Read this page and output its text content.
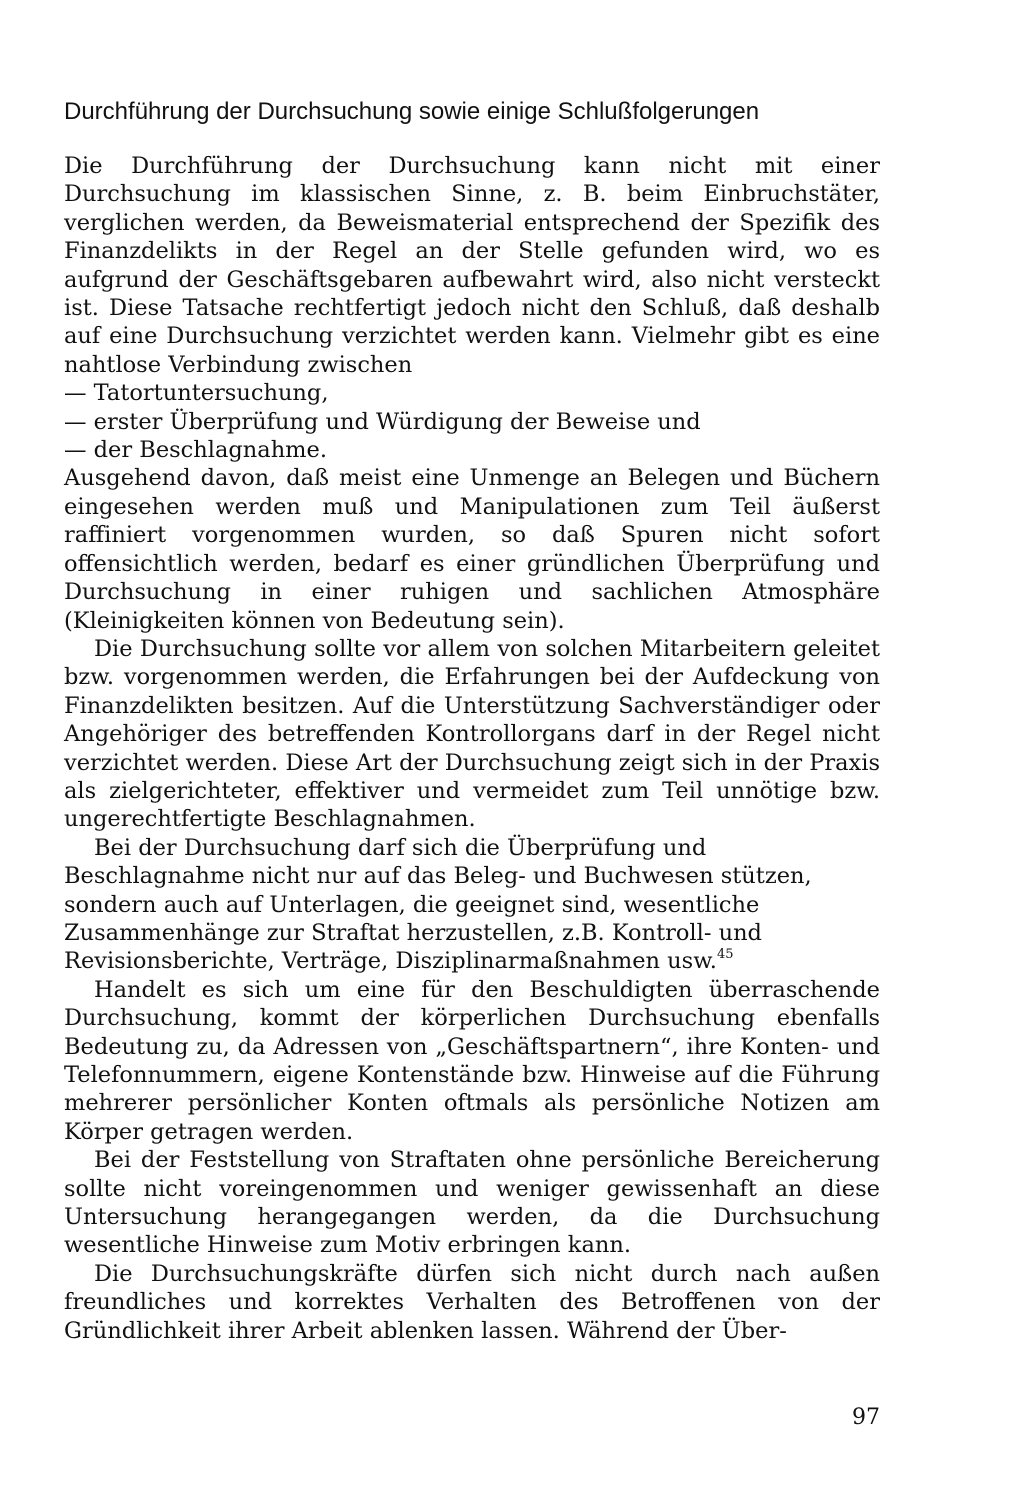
Durchführung der Durchsuchung sowie einige Schlußfolgerungen

Die Durchführung der Durchsuchung kann nicht mit einer Durchsuchung im klassischen Sinne, z. B. beim Einbruchstäter, verglichen werden, da Beweismaterial entsprechend der Spezifik des Finanzdelikts in der Regel an der Stelle gefunden wird, wo es aufgrund der Geschäftsgebaren aufbewahrt wird, also nicht versteckt ist. Diese Tatsache rechtfertigt jedoch nicht den Schluß, daß deshalb auf eine Durchsuchung verzichtet werden kann. Vielmehr gibt es eine nahtlose Verbindung zwischen

— Tatortuntersuchung,
— erster Überprüfung und Würdigung der Beweise und
— der Beschlagnahme.

Ausgehend davon, daß meist eine Unmenge an Belegen und Büchern eingesehen werden muß und Manipulationen zum Teil äußerst raffiniert vorgenommen wurden, so daß Spuren nicht sofort offensichtlich werden, bedarf es einer gründlichen Überprüfung und Durchsuchung in einer ruhigen und sachlichen Atmosphäre (Kleinigkeiten können von Bedeutung sein).

Die Durchsuchung sollte vor allem von solchen Mitarbeitern geleitet bzw. vorgenommen werden, die Erfahrungen bei der Aufdeckung von Finanzdelikten besitzen. Auf die Unterstützung Sachverständiger oder Angehöriger des betreffenden Kontrollorgans darf in der Regel nicht verzichtet werden. Diese Art der Durchsuchung zeigt sich in der Praxis als zielgerichteter, effektiver und vermeidet zum Teil unnötige bzw. ungerechtfertigte Beschlagnahmen.

Bei der Durchsuchung darf sich die Überprüfung und Beschlagnahme nicht nur auf das Beleg- und Buchwesen stützen, sondern auch auf Unterlagen, die geeignet sind, wesentliche Zusammenhänge zur Straftat herzustellen, z.B. Kontroll- und Revisionsberichte, Verträge, Disziplinarmaßnahmen usw.$^{45}$

Handelt es sich um eine für den Beschuldigten überraschende Durchsuchung, kommt der körperlichen Durchsuchung ebenfalls Bedeutung zu, da Adressen von „Geschäftspartnern“, ihre Konten- und Telefonnummern, eigene Kontenstände bzw. Hinweise auf die Führung mehrerer persönlicher Konten oftmals als persönliche Notizen am Körper getragen werden.

Bei der Feststellung von Straftaten ohne persönliche Bereicherung sollte nicht voreingenommen und weniger gewissenhaft an diese Untersuchung herangegangen werden, da die Durchsuchung wesentliche Hinweise zum Motiv erbringen kann.

Die Durchsuchungskräfte dürfen sich nicht durch nach außen freundliches und korrektes Verhalten des Betroffenen von der Gründlichkeit ihrer Arbeit ablenken lassen. Während der Über-

97
